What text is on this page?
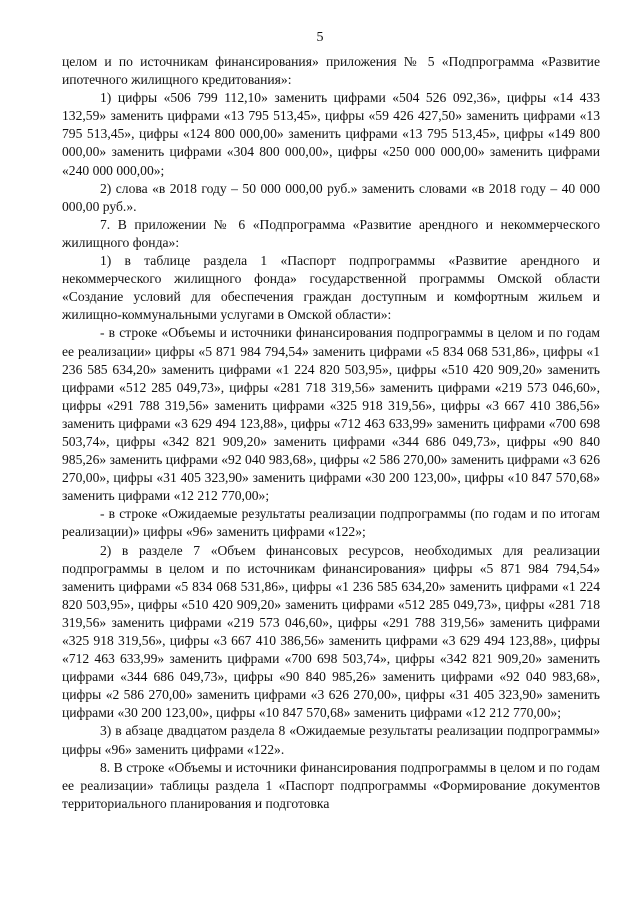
5

целом и по источникам финансирования» приложения № 5 «Подпрограмма «Развитие ипотечного жилищного кредитования»:

1) цифры «506 799 112,10» заменить цифрами «504 526 092,36», цифры «14 433 132,59» заменить цифрами «13 795 513,45», цифры «59 426 427,50» заменить цифрами «13 795 513,45», цифры «124 800 000,00» заменить цифрами «13 795 513,45», цифры «149 800 000,00» заменить цифрами «304 800 000,00», цифры «250 000 000,00» заменить цифрами «240 000 000,00»;

2) слова «в 2018 году – 50 000 000,00 руб.» заменить словами «в 2018 году – 40 000 000,00 руб.».

7. В приложении № 6 «Подпрограмма «Развитие арендного и некоммерческого жилищного фонда»:

1) в таблице раздела 1 «Паспорт подпрограммы «Развитие арендного и некоммерческого жилищного фонда» государственной программы Омской области «Создание условий для обеспечения граждан доступным и комфортным жильем и жилищно-коммунальными услугами в Омской области»:

- в строке «Объемы и источники финансирования подпрограммы в целом и по годам ее реализации» цифры «5 871 984 794,54» заменить цифрами «5 834 068 531,86», цифры «1 236 585 634,20» заменить цифрами «1 224 820 503,95», цифры «510 420 909,20» заменить цифрами «512 285 049,73», цифры «281 718 319,56» заменить цифрами «219 573 046,60», цифры «291 788 319,56» заменить цифрами «325 918 319,56», цифры «3 667 410 386,56» заменить цифрами «3 629 494 123,88», цифры «712 463 633,99» заменить цифрами «700 698 503,74», цифры «342 821 909,20» заменить цифрами «344 686 049,73», цифры «90 840 985,26» заменить цифрами «92 040 983,68», цифры «2 586 270,00» заменить цифрами «3 626 270,00», цифры «31 405 323,90» заменить цифрами «30 200 123,00», цифры «10 847 570,68» заменить цифрами «12 212 770,00»;

- в строке «Ожидаемые результаты реализации подпрограммы (по годам и по итогам реализации)» цифры «96» заменить цифрами «122»;

2) в разделе 7 «Объем финансовых ресурсов, необходимых для реализации подпрограммы в целом и по источникам финансирования» цифры «5 871 984 794,54» заменить цифрами «5 834 068 531,86», цифры «1 236 585 634,20» заменить цифрами «1 224 820 503,95», цифры «510 420 909,20» заменить цифрами «512 285 049,73», цифры «281 718 319,56» заменить цифрами «219 573 046,60», цифры «291 788 319,56» заменить цифрами «325 918 319,56», цифры «3 667 410 386,56» заменить цифрами «3 629 494 123,88», цифры «712 463 633,99» заменить цифрами «700 698 503,74», цифры «342 821 909,20» заменить цифрами «344 686 049,73», цифры «90 840 985,26» заменить цифрами «92 040 983,68», цифры «2 586 270,00» заменить цифрами «3 626 270,00», цифры «31 405 323,90» заменить цифрами «30 200 123,00», цифры «10 847 570,68» заменить цифрами «12 212 770,00»;

3) в абзаце двадцатом раздела 8 «Ожидаемые результаты реализации подпрограммы» цифры «96» заменить цифрами «122».

8. В строке «Объемы и источники финансирования подпрограммы в целом и по годам ее реализации» таблицы раздела 1 «Паспорт подпрограммы «Формирование документов территориального планирования и подготовка
